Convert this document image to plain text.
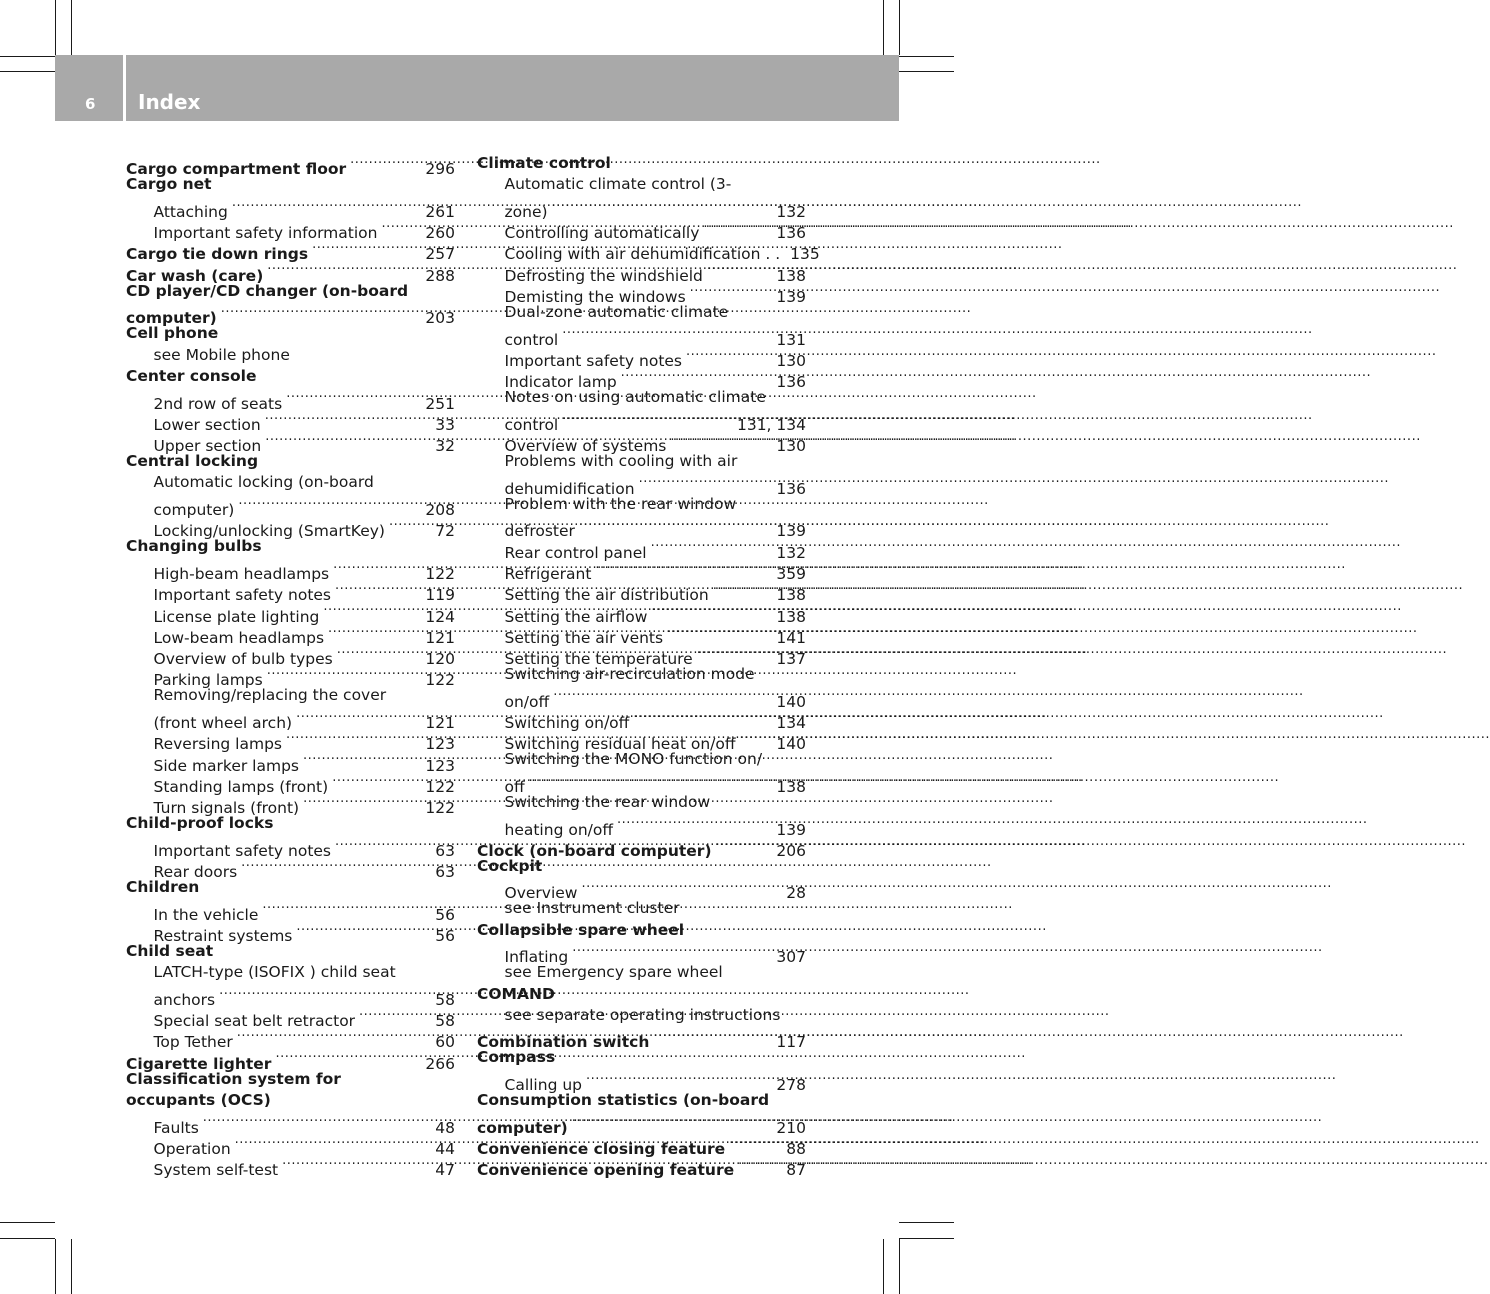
6 Index
Cargo compartment floor .....	296
Cargo net
Attaching .....	261
Important safety information .....	260
Cargo tie down rings .....	257
Car wash (care) .....	288
CD player/CD changer (on-board
computer) .....	203
Cell phone
see Mobile phone
Center console
2nd row of seats .....	251
Lower section .....	33
Upper section .....	32
Central locking
Automatic locking (on-board
computer) .....	208
Locking/unlocking (SmartKey) .....	72
Changing bulbs
High-beam headlamps .....	122
Important safety notes .....	119
License plate lighting .....	124
Low-beam headlamps .....	121
Overview of bulb types .....	120
Parking lamps .....	122
Removing/replacing the cover
(front wheel arch) .....	121
Reversing lamps .....	123
Side marker lamps .....	123
Standing lamps (front) .....	122
Turn signals (front) .....	122
Child-proof locks
Important safety notes .....	63
Rear doors .....	63
Children
In the vehicle .....	56
Restraint systems .....	56
Child seat
LATCH-type (ISOFIX ) child seat
anchors .....	58
Special seat belt retractor .....	58
Top Tether .....	60
Cigarette lighter .....	266
Classification system for
occupants (OCS)
Faults .....	48
Operation .....	44
System self-test .....	47
Climate control
Automatic climate control (3-
zone) .....	132
Controlling automatically .....	136
Cooling with air dehumidification . . 135
Defrosting the windshield .....	138
Demisting the windows .....	139
Dual-zone automatic climate
control .....	131
Important safety notes .....	130
Indicator lamp .....	136
Notes on using automatic climate
control .....	131, 134
Overview of systems .....	130
Problems with cooling with air
dehumidification .....	136
Problem with the rear window
defroster .....	139
Rear control panel .....	132
Refrigerant .....	359
Setting the air distribution .....	138
Setting the airflow .....	138
Setting the air vents .....	141
Setting the temperature .....	137
Switching air-recirculation mode
on/off .....	140
Switching on/off .....	134
Switching residual heat on/off .....	140
Switching the MONO function on/
off .....	138
Switching the rear window
heating on/off .....	139
Clock (on-board computer) .....	206
Cockpit
Overview .....	28
see Instrument cluster
Collapsible spare wheel
Inflating .....	307
see Emergency spare wheel
COMAND
see separate operating instructions
Combination switch .....	117
Compass
Calling up .....	278
Consumption statistics (on-board
computer) .....	210
Convenience closing feature .....	88
Convenience opening feature .....	87
